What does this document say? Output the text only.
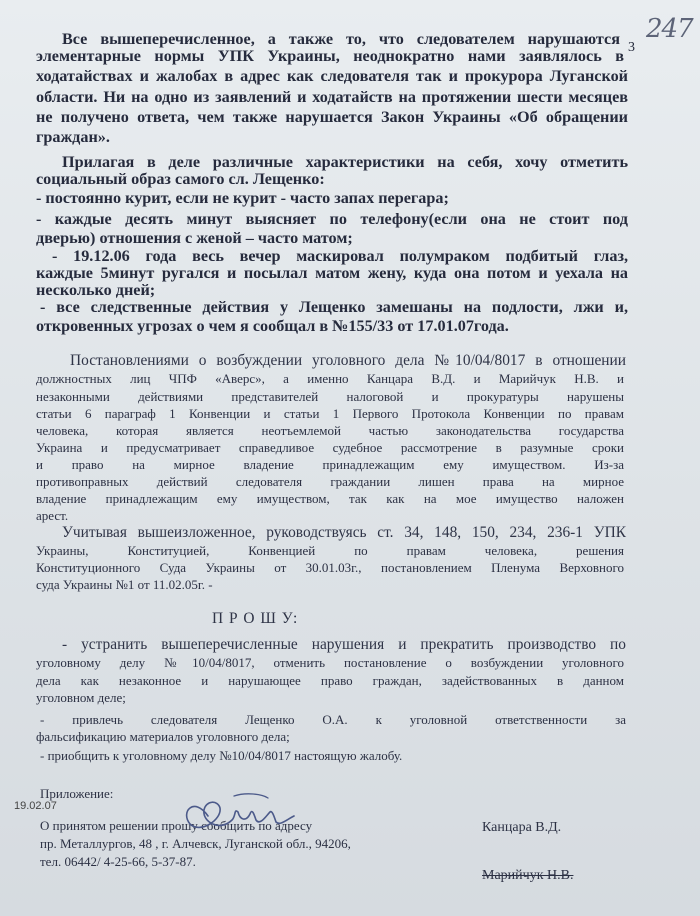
247
3
Все вышеперечисленное, а также то, что следователем нарушаются
элементарные нормы УПК Украины, неоднократно нами заявлялось в
ходатайствах и жалобах в адрес как следователя так и прокурора Луганской
области. Ни на одно из заявлений и ходатайств на протяжении шести месяцев
не получено ответа, чем также нарушается Закон Украины «Об обращении
граждан».
Прилагая в деле различные характеристики на себя, хочу отметить
социальный образ самого сл. Лещенко:
- постоянно курит, если не курит - часто запах перегара;
- каждые десять минут выясняет по телефону(если она не стоит под
дверью) отношения с женой – часто матом;
- 19.12.06 года весь вечер маскировал полумраком подбитый глаз,
каждые 5минут ругался и посылал матом жену, куда она потом и уехала на
несколько дней;
- все следственные действия у Лещенко замешаны на подлости, лжи и,
откровенных угрозах о чем я сообщал в №155/33 от 17.01.07года.
Постановлениями о возбуждении уголовного дела №10/04/8017 в отношении
должностных лиц ЧПФ «Аверс», а именно Канцара В.Д. и Марийчук Н.В. и
незаконными действиями представителей налоговой и прокуратуры нарушены
статьи 6 параграф 1 Конвенции и статьи 1 Первого Протокола Конвенции по правам
человека, которая является неотъемлемой частью законодательства государства
Украина и предусматривает справедливое судебное рассмотрение в разумные сроки
и право на мирное владение принадлежащим ему имуществом. Из-за
противоправных действий следователя граждании лишен права на мирное
владение принадлежащим ему имуществом, так как на мое имущество наложен
арест.
Учитывая вышеизложенное, руководствуясь ст. 34, 148, 150, 234, 236-1 УПК
Украины, Конституцией, Конвенцией по правам человека, решения
Конституционного Суда Украины от 30.01.03г., постановлением Пленума Верховного
суда Украины №1 от 11.02.05г. -
П Р О Ш У:
- устранить вышеперечисленные нарушения и прекратить производство по
уголовному делу №10/04/8017, отменить постановление о возбуждении уголовного
дела как незаконное и нарушающее право граждан, задействованных в данном
уголовном деле;
- привлечь следователя Лещенко О.А. к уголовной ответственности за
фальсификацию материалов уголовного дела;
- приобщить к уголовному делу №10/04/8017 настоящую жалобу.
Приложение:
О принятом решении прошу сообщить по адресу
пр. Металлургов, 48 , г. Алчевск, Луганской обл., 94206,
тел. 06442/ 4-25-66, 5-37-87.
19.02.07
Канцара В.Д.
Марийчук Н.В.
